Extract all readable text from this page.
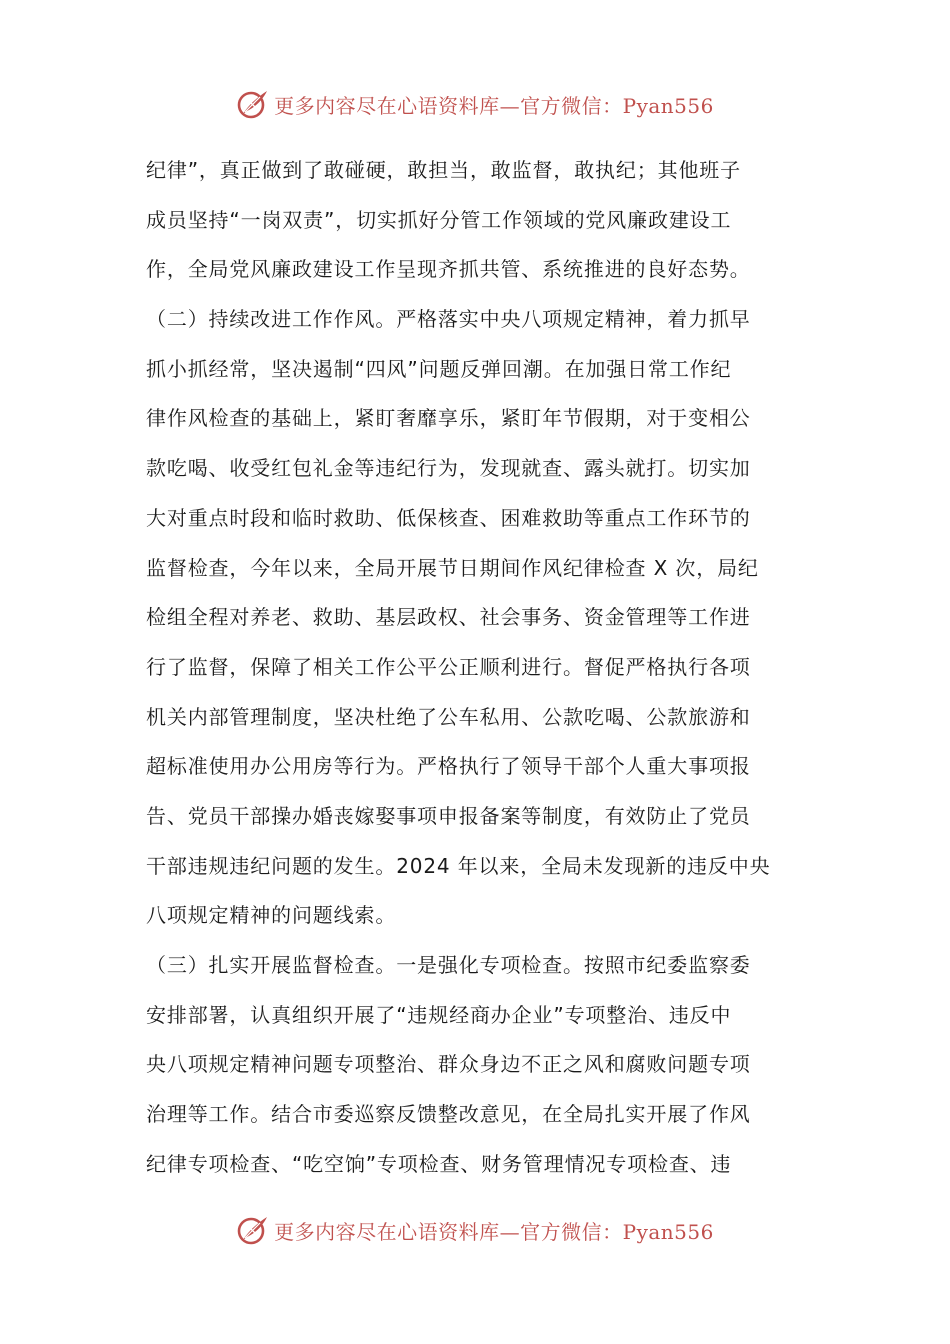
更多内容尽在心语资料库—官方微信：Pyan556
纪律”，真正做到了敢碰硬，敢担当，敢监督，敢执纪；其他班子
成员坚持“一岗双责”，切实抓好分管工作领域的党风廉政建设工
作，全局党风廉政建设工作呈现齐抓共管、系统推进的良好态势。
（二）持续改进工作作风。严格落实中央八项规定精神，着力抓早
抓小抓经常，坚决遏制“四风”问题反弹回潮。在加强日常工作纪
律作风检查的基础上，紧盯奢靡享乐，紧盯年节假期，对于变相公
款吃喝、收受红包礼金等违纪行为，发现就查、露头就打。切实加
大对重点时段和临时救助、低保核查、困难救助等重点工作环节的
监督检查，今年以来，全局开展节日期间作风纪律检查 X 次，局纪
检组全程对养老、救助、基层政权、社会事务、资金管理等工作进
行了监督，保障了相关工作公平公正顺利进行。督促严格执行各项
机关内部管理制度，坚决杜绝了公车私用、公款吃喝、公款旅游和
超标准使用办公用房等行为。严格执行了领导干部个人重大事项报
告、党员干部操办婚丧嫁娶事项申报备案等制度，有效防止了党员
干部违规违纪问题的发生。2024 年以来，全局未发现新的违反中央
八项规定精神的问题线索。
（三）扎实开展监督检查。一是强化专项检查。按照市纪委监察委
安排部署，认真组织开展了“违规经商办企业”专项整治、违反中
央八项规定精神问题专项整治、群众身边不正之风和腐败问题专项
治理等工作。结合市委巡察反馈整改意见，在全局扎实开展了作风
纪律专项检查、“吃空饷”专项检查、财务管理情况专项检查、违
更多内容尽在心语资料库—官方微信：Pyan556
